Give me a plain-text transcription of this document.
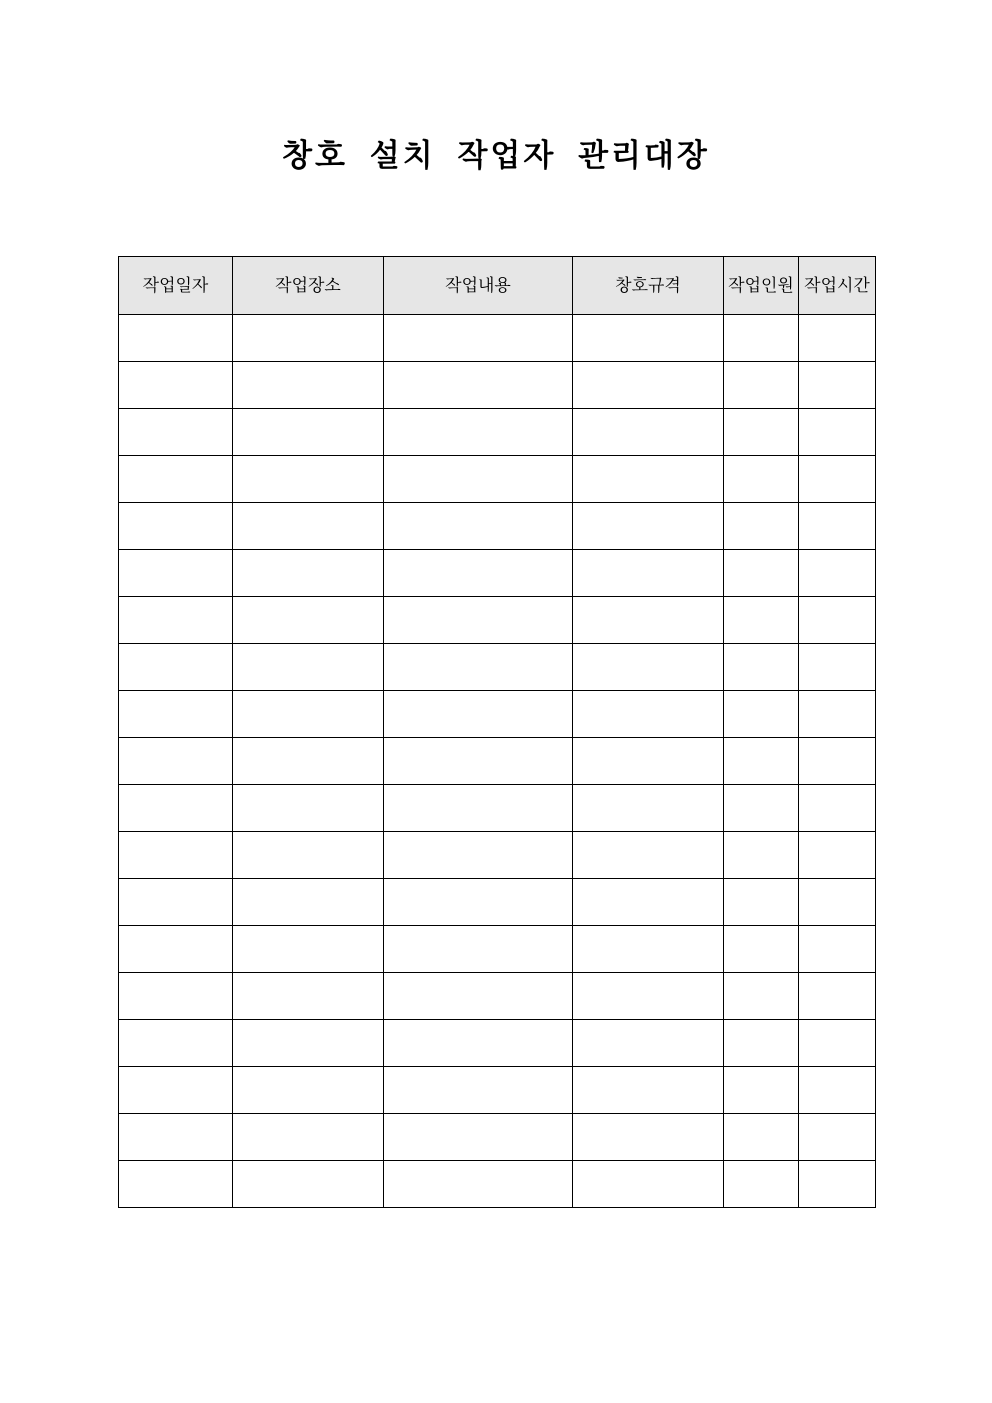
창호 설치 작업자 관리대장
작업일자	작업장소	작업내용	창호규격	작업인원	작업시간
